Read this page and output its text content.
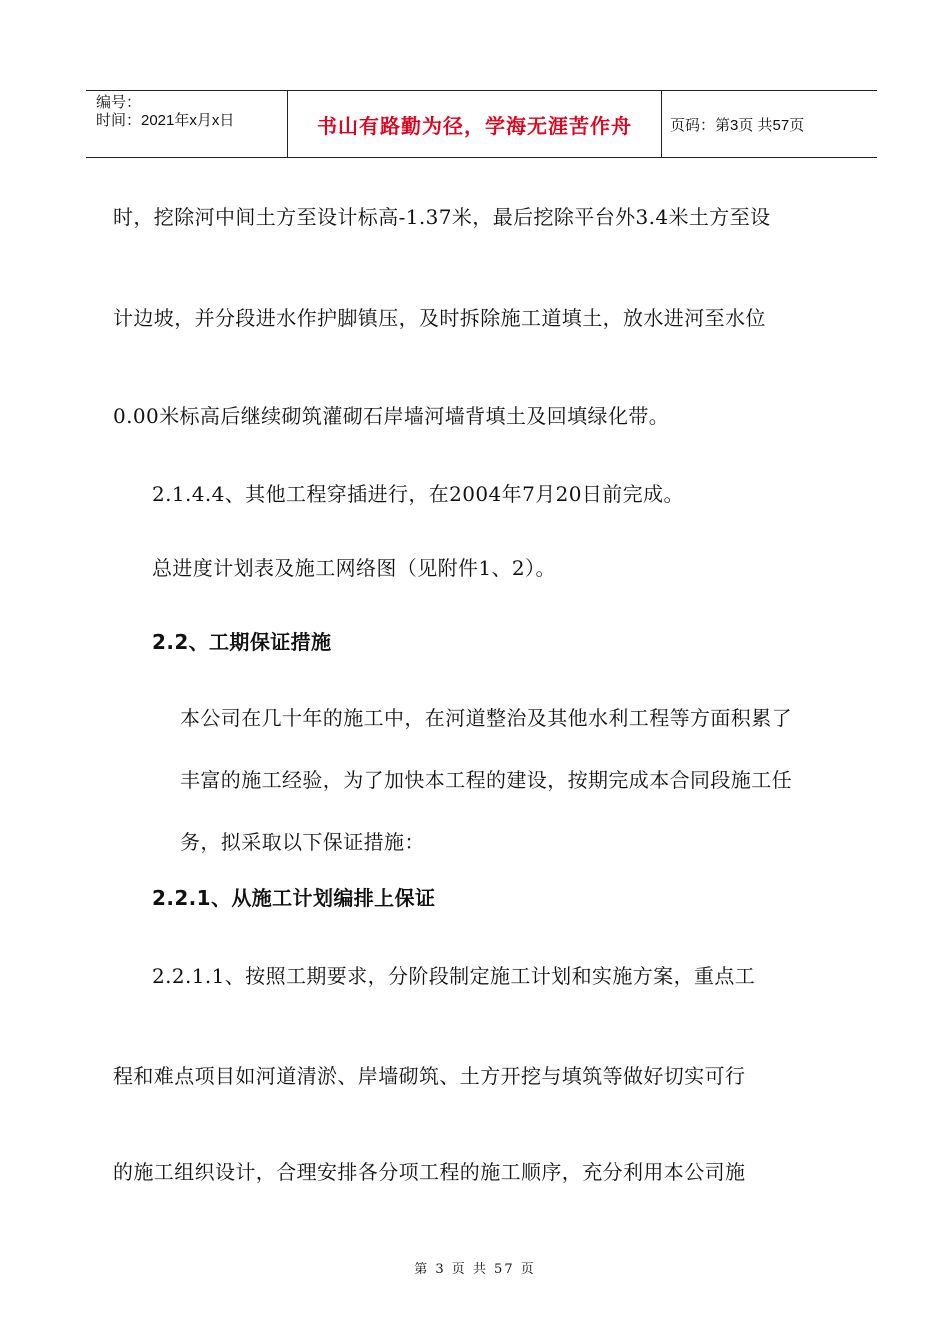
编号：
时间：2021年x月x日	书山有路勤为径，学海无涯苦作舟	页码：第3页 共57页
时，挖除河中间土方至设计标高-1.37米，最后挖除平台外3.4米土方至设
计边坡，并分段进水作护脚镇压，及时拆除施工道填土，放水进河至水位
0.00米标高后继续砌筑灌砌石岸墙河墙背填土及回填绿化带。
2.1.4.4、其他工程穿插进行，在2004年7月20日前完成。
总进度计划表及施工网络图（见附件1、2）。
2.2、工期保证措施
本公司在几十年的施工中，在河道整治及其他水利工程等方面积累了
丰富的施工经验，为了加快本工程的建设，按期完成本合同段施工任
务，拟采取以下保证措施：
2.2.1、从施工计划编排上保证
2.2.1.1、按照工期要求，分阶段制定施工计划和实施方案，重点工
程和难点项目如河道清淤、岸墙砌筑、土方开挖与填筑等做好切实可行
的施工组织设计，合理安排各分项工程的施工顺序，充分利用本公司施
第 3 页 共 57 页
